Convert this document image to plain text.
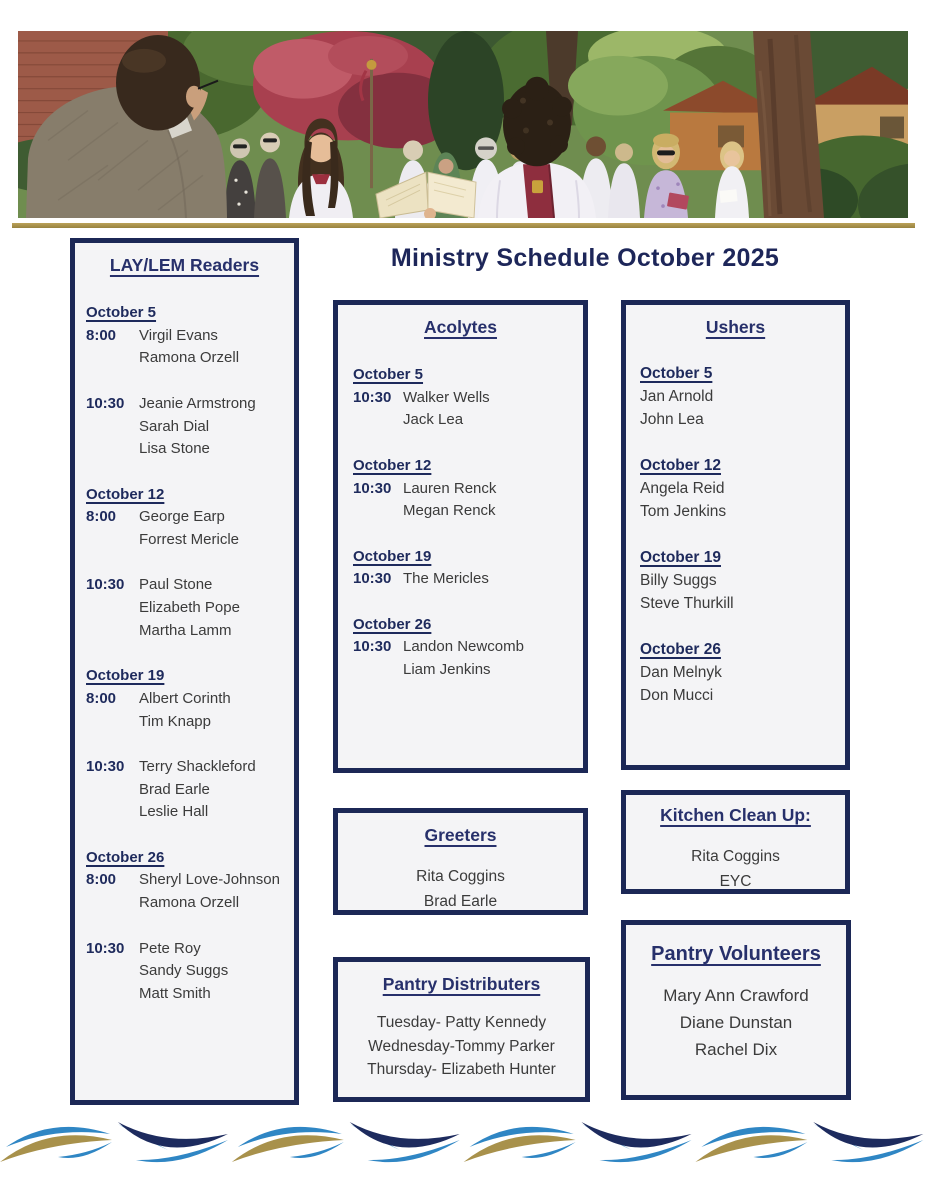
Ministry Schedule October 2025
LAY/LEM Readers
October 5
8:00	Virgil Evans
Ramona Orzell
10:30 Jeanie Armstrong
Sarah Dial
Lisa Stone
October 12
8:00	George Earp
Forrest Mericle
10:30 Paul Stone
Elizabeth Pope
Martha Lamm
October 19
8:00	Albert Corinth
Tim Knapp
10:30 Terry Shackleford
Brad Earle
Leslie Hall
October 26
8:00	Sheryl Love-Johnson
Ramona Orzell
10:30 Pete Roy
Sandy Suggs
Matt Smith
Acolytes
October 5
10:30 Walker Wells
Jack Lea
October 12
10:30 Lauren Renck
Megan Renck
October 19
10:30 The Mericles
October 26
10:30 Landon Newcomb
Liam Jenkins
Ushers
October 5
Jan Arnold
John Lea
October 12
Angela Reid
Tom Jenkins
October 19
Billy Suggs
Steve Thurkill
October 26
Dan Melnyk
Don Mucci
Kitchen Clean Up:
Rita Coggins
EYC
Greeters
Rita Coggins
Brad Earle
Pantry Volunteers
Mary Ann Crawford
Diane Dunstan
Rachel Dix
Pantry Distributers
Tuesday- Patty Kennedy
Wednesday-Tommy Parker
Thursday- Elizabeth Hunter
